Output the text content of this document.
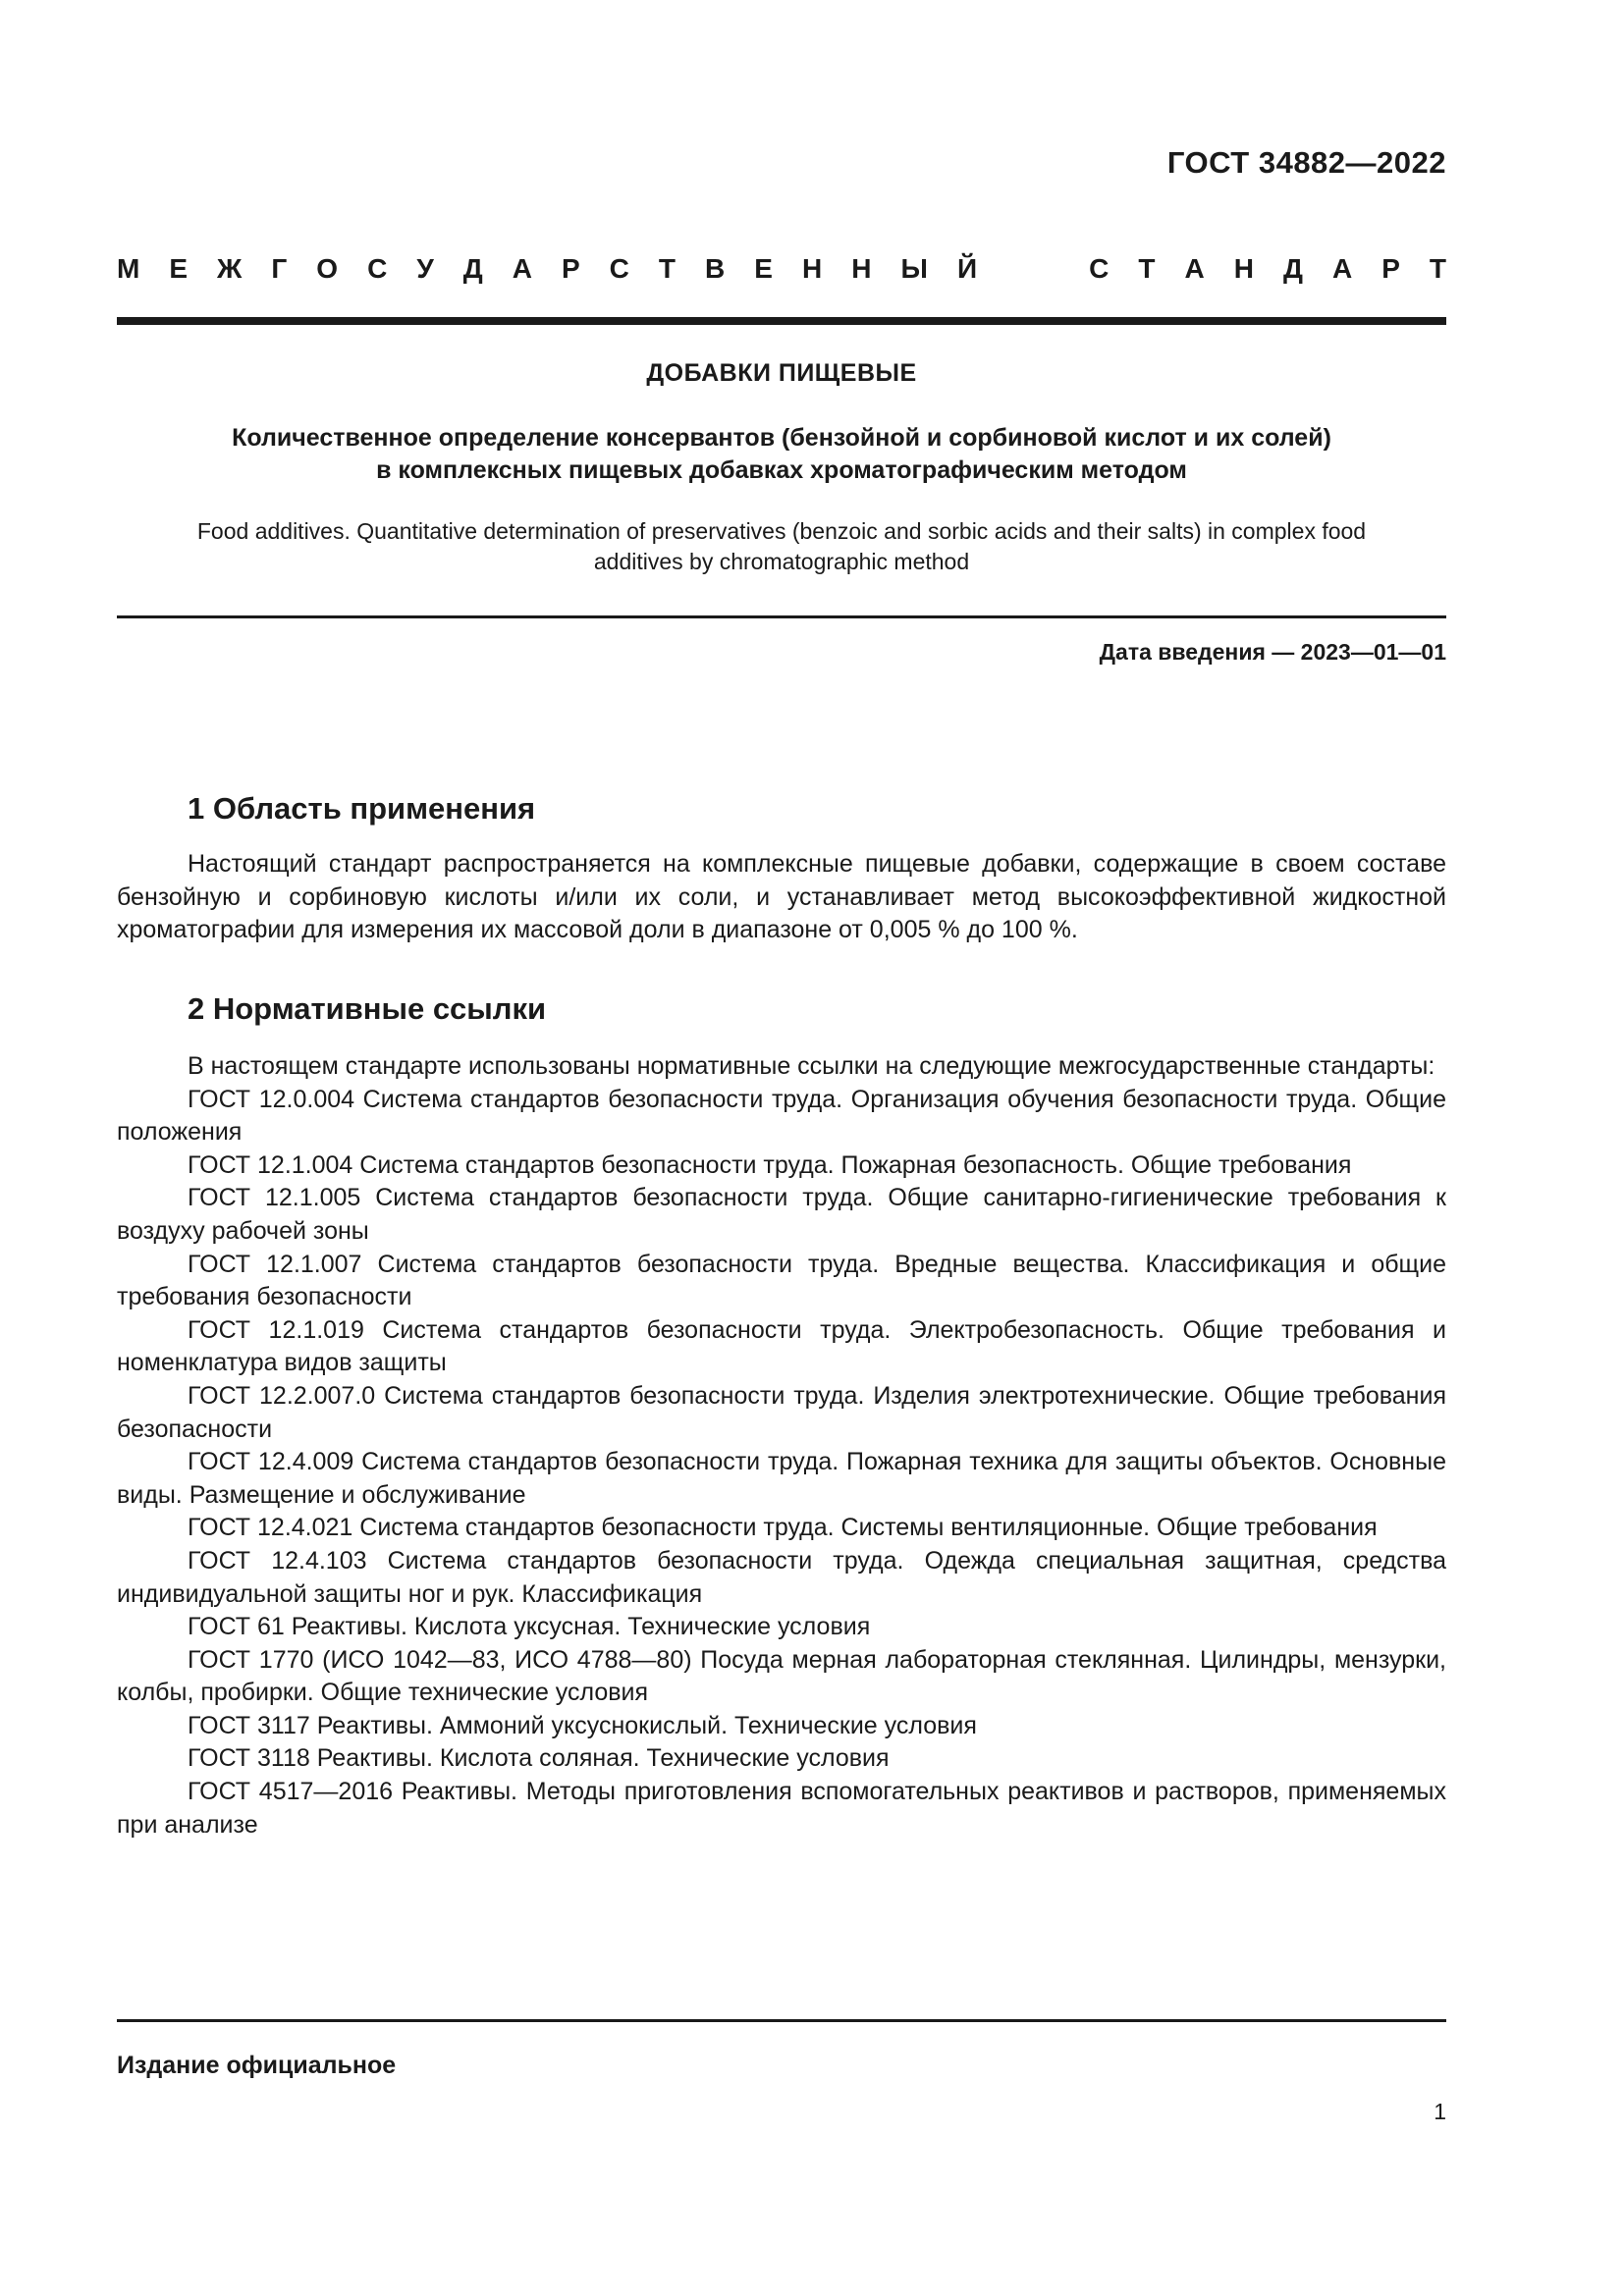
ГОСТ 34882—2022
М Е Ж Г О С У Д А Р С Т В Е Н Н Ы Й	С Т А Н Д А Р Т
ДОБАВКИ ПИЩЕВЫЕ
Количественное определение консервантов (бензойной и сорбиновой кислот и их солей)
в комплексных пищевых добавках хроматографическим методом
Food additives. Quantitative determination of preservatives (benzoic and sorbic acids and their salts) in complex food
additives by chromatographic method
Дата введения — 2023—01—01
1 Область применения

Настоящий стандарт распространяется на комплексные пищевые добавки, содержащие в своем составе бензойную и сорбиновую кислоты и/или их соли, и устанавливает метод высокоэффективной жидкостной хроматографии для измерения их массовой доли в диапазоне от 0,005 % до 100 %.

2 Нормативные ссылки

В настоящем стандарте использованы нормативные ссылки на следующие межгосударственные стандарты:

ГОСТ 12.0.004 Система стандартов безопасности труда. Организация обучения безопасности труда. Общие положения

ГОСТ 12.1.004 Система стандартов безопасности труда. Пожарная безопасность. Общие требования

ГОСТ 12.1.005 Система стандартов безопасности труда. Общие санитарно-гигиенические требования к воздуху рабочей зоны

ГОСТ 12.1.007 Система стандартов безопасности труда. Вредные вещества. Классификация и общие требования безопасности

ГОСТ 12.1.019 Система стандартов безопасности труда. Электробезопасность. Общие требования и номенклатура видов защиты

ГОСТ 12.2.007.0 Система стандартов безопасности труда. Изделия электротехнические. Общие требования безопасности

ГОСТ 12.4.009 Система стандартов безопасности труда. Пожарная техника для защиты объектов. Основные виды. Размещение и обслуживание

ГОСТ 12.4.021 Система стандартов безопасности труда. Системы вентиляционные. Общие требования

ГОСТ 12.4.103 Система стандартов безопасности труда. Одежда специальная защитная, средства индивидуальной защиты ног и рук. Классификация

ГОСТ 61 Реактивы. Кислота уксусная. Технические условия

ГОСТ 1770 (ИСО 1042—83, ИСО 4788—80) Посуда мерная лабораторная стеклянная. Цилиндры, мензурки, колбы, пробирки. Общие технические условия

ГОСТ 3117 Реактивы. Аммоний уксуснокислый. Технические условия

ГОСТ 3118 Реактивы. Кислота соляная. Технические условия

ГОСТ 4517—2016 Реактивы. Методы приготовления вспомогательных реактивов и растворов, применяемых при анализе

Издание официальное
1
